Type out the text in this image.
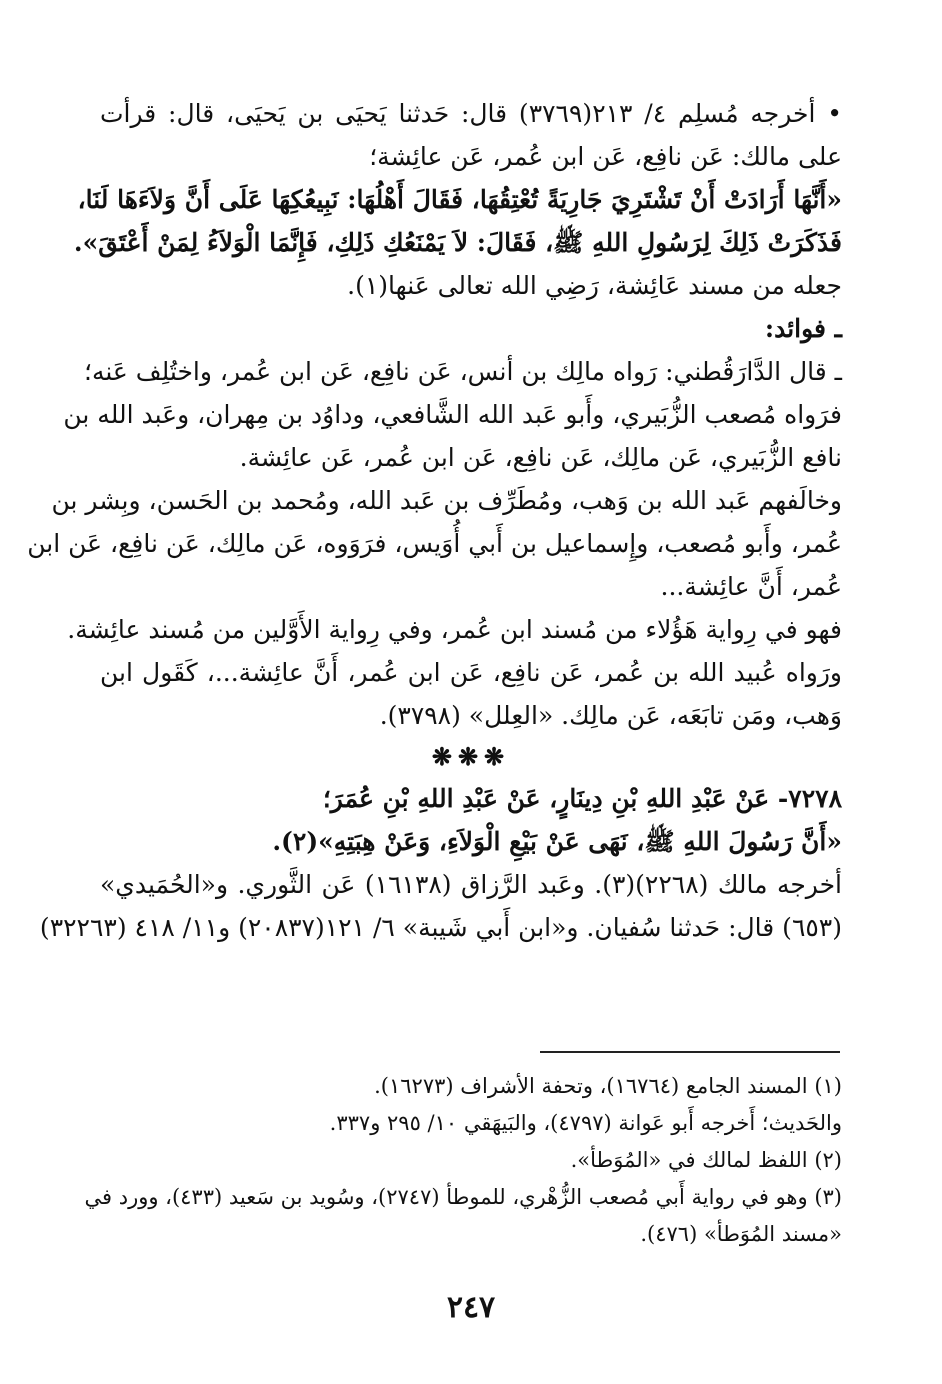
• أخرجه مُسلِم ٤/ ٢١٣(٣٧٦٩) قال: حَدثنا يَحيَى بن يَحيَى، قال: قرأت
على مالك: عَن نافِع، عَن ابن عُمر، عَن عائِشة؛
«أَنَّهَا أَرَادَتْ أَنْ تَشْتَرِيَ جَارِيَةً تُعْتِقُهَا، فَقَالَ أَهْلُهَا: نَبِيعُكِهَا عَلَى أَنَّ وَلاَءَهَا لَنَا،
فَذَكَرَتْ ذَلِكَ لِرَسُولِ اللهِ ﷺ، فَقَالَ: لاَ يَمْنَعُكِ ذَلِكِ، فَإِنَّمَا الْوَلاَءُ لِمَنْ أَعْتَقَ».
جعله من مسند عَائِشة، رَضِي الله تعالى عَنها(١).
ـ فوائد:
ـ قال الدَّارَقُطني: رَواه مالِك بن أنس، عَن نافِع، عَن ابن عُمر، واختُلِف عَنه؛
فرَواه مُصعب الزُّبَيري، وأَبو عَبد الله الشَّافعي، وداوُد بن مِهران، وعَبد الله بن
نافع الزُّبَيري، عَن مالِك، عَن نافِع، عَن ابن عُمر، عَن عائِشة.
وخالَفهم عَبد الله بن وَهب، ومُطَرِّف بن عَبد الله، ومُحمد بن الحَسن، وبِشر بن
عُمر، وأَبو مُصعب، وإِسماعيل بن أَبي أُوَيس، فرَوَوه، عَن مالِك، عَن نافِع، عَن ابن
عُمر، أَنَّ عائِشة...
فهو في رِواية هَؤُلاء من مُسند ابن عُمر، وفي رِواية الأَوَّلين من مُسند عائِشة.
ورَواه عُبيد الله بن عُمر، عَن نافِع، عَن ابن عُمر، أَنَّ عائِشة...، كَقَول ابن
وَهب، ومَن تابَعَه، عَن مالِك. «العِلل» (٣٧٩٨).
❋❋❋
٧٢٧٨- عَنْ عَبْدِ اللهِ بْنِ دِينَارٍ، عَنْ عَبْدِ اللهِ بْنِ عُمَرَ؛
«أَنَّ رَسُولَ اللهِ ﷺ، نَهَى عَنْ بَيْعِ الْوَلاَءِ، وَعَنْ هِبَتِهِ»(٢).
أخرجه مالك (٢٢٦٨)(٣). وعَبد الرَّزاق (١٦١٣٨) عَن الثَّوري. و«الحُمَيدي»
(٦٥٣) قال: حَدثنا سُفيان. و«ابن أَبي شَيبة» ٦/ ١٢١(٢٠٨٣٧) و١١/ ٤١٨ (٣٢٢٦٣)
(١) المسند الجامع (١٦٧٦٤)، وتحفة الأشراف (١٦٢٧٣).
والحَديث؛ أَخرجه أَبو عَوانة (٤٧٩٧)، والبَيهَقي ١٠/ ٢٩٥ و٣٣٧.
(٢) اللفظ لمالك في «المُوَطأ».
(٣) وهو في رواية أَبي مُصعب الزُّهْري، للموطأ (٢٧٤٧)، وسُويد بن سَعيد (٤٣٣)، وورد في
«مسند المُوَطأ» (٤٧٦).
٢٤٧
